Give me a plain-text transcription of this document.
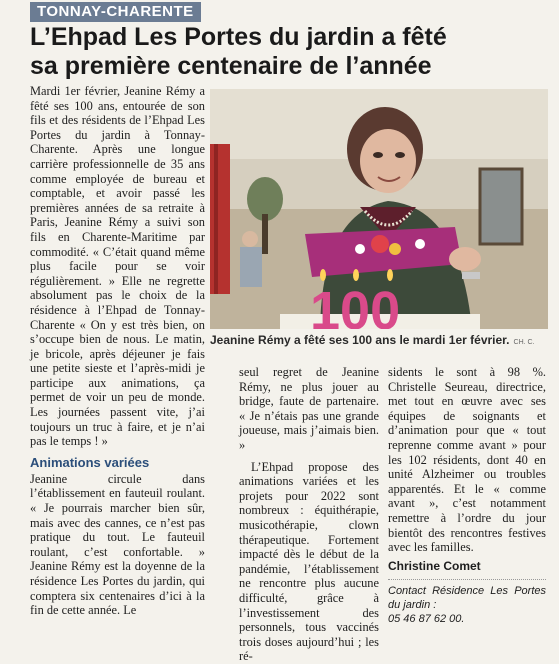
TONNAY-CHARENTE
L’Ehpad Les Portes du jardin a fêté
sa première centenaire de l’année

Mardi 1er février, Jeanine Rémy a fêté ses 100 ans, entourée de son fils et des résidents de l’Ehpad Les Portes du jardin à Tonnay-Charente. Après une longue carrière professionnelle de 35 ans comme employée de bureau et comptable, et avoir passé les premières années de sa retraite à Paris, Jeanine Rémy a suivi son fils en Charente-Maritime par commodité. « C’était quand même plus facile pour se voir régulièrement. » Elle ne regrette absolument pas le choix de la résidence à l’Ehpad de Tonnay-Charente « On y est très bien, on s’occupe bien de nous. Le matin, je bricole, après déjeuner je fais une petite sieste et l’après-midi je participe aux animations, ça permet de voir un peu de monde. Les journées passent vite, j’ai toujours un truc à faire, et je n’ai pas le temps ! »

Animations variées

Jeanine circule dans l’établissement en fauteuil roulant. « Je pourrais marcher bien sûr, mais avec des cannes, ce n’est pas pratique du tout. Le fauteuil roulant, c’est confortable. » Jeanine Rémy est la doyenne de la résidence Les Portes du jardin, qui comptera six centenaires d’ici à la fin de cette année. Le

100
Jeanine Rémy a fêté ses 100 ans le mardi 1er février. CH. C.

seul regret de Jeanine Rémy, ne plus jouer au bridge, faute de partenaire. « Je n’étais pas une grande joueuse, mais j’aimais bien. »

L’Ehpad propose des animations variées et les projets pour 2022 sont nombreux : équithérapie, musicothérapie, clown thérapeutique. Fortement impacté dès le début de la pandémie, l’établissement ne rencontre plus aucune difficulté, grâce à l’investissement des personnels, tous vaccinés trois doses aujourd’hui ; les ré-

sidents le sont à 98 %. Christelle Seureau, directrice, met tout en œuvre avec ses équipes de soignants et d’animation pour que « tout reprenne comme avant » pour les 102 résidents, dont 40 en unité Alzheimer ou troubles apparentés. Et le « comme avant », c’est notamment remettre à l’ordre du jour bientôt des rencontres festives avec les familles.

Christine Comet
Contact Résidence Les Portes du jardin :
05 46 87 62 00.
